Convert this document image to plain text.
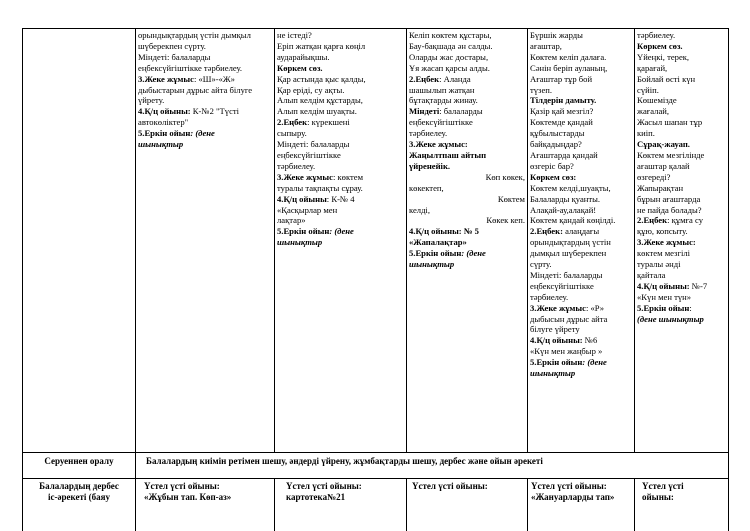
орындықтардың үстін дымқыл
шүберекпен сүрту.
Міндеті: балаларды
еңбексүйгіштікке тәрбиелеу.
3.Жеке жұмыс: «Ш»-«Ж»
дыбыстарын дұрыс айта білуге
үйрету.
4.Қ/ц ойыны: К-№2 "Түсті
автокөліктер"
5.Еркін ойын: (дене
шынықтыр
не істеді?
Еріп жатқан қарға көңіл
аударайықшы.
Көркем сөз.
Қар астында қыс қалды,
Қар еріді, су ақты.
Алып келдім құстарды,
Алып келдім шуақты.
2.Еңбек: күрекшені
сыпыру.
Міндеті: балаларды
еңбексүйгіштікке
тәрбиелеу.
3.Жеке жұмыс: көктем
туралы тақпақты сұрау.
4.Қ/ц ойыны: К-№ 4
«Қасқырлар мен
лақтар»
5.Еркін ойын: (дене
шынықтыр
Келіп көктем құстары,
Бау-бақшада ән салды.
Оларды жас достары,
Ұя жасап қарсы алды.
2.Еңбек: Аланда
шашылып жатқан
бұтақтарды жинау.
Міндеті: балаларды
еңбексүйгіштікке
тәрбиелеу.
3.Жеке жұмыс:
Жаңылтпаш айтып
үйренейік.
Көп көкек,
көкектеп,
Көктем
келді,
Көкек кеп.
4.Қ/ц ойыны: № 5
«Жапалақтар»
5.Еркін ойын: (дене
шынықтыр
Бүршік жарды
ағаштар,
Көктем келіп далаға.
Сәнін беріп ауланың,
Ағаштар тұр бой
түзеп.
Тілдерін дамыту.
Қазір қай мезгіл?
Көктемде қандай
құбылыстарды
байқадыңдар?
Ағаштарда қандай
өзгеріс бар?
Көркем сөз:
Көктем келді,шуақты,
Балаларды қуанты.
Алақай-ау,алақай!
Көктем қандай көңілді.
2.Еңбек: алаңдағы
орындықтардың үстін
дымқыл шүберекпен
сүрту.
Міндеті: балаларды
еңбексүйгіштікке
тәрбиелеу.
3.Жеке жұмыс: «Р»
дыбысын дұрыс айта
білуге үйрету
4.Қ/ц ойыны: №6
«Күн мен жаңбыр »
5.Еркін ойын: (дене
шынықтыр
тәрбиелеу.
Көркем сөз.
Үйеңкі, терек,
қарағай,
Бойлай өсті күн
сүйіп.
Көшемізде
жағалай,
Жасыл шапан тұр
киіп.
Сұрақ-жауап.
Көктем мезгілінде
ағаштар қалай
өзгереді?
Жапырақтан
бұрын ағаштарда
не пайда болады?
2.Еңбек: құмға су
құю, копсыту.
3.Жеке жұмыс:
көктем мезгілі
туралы әнді
қайтала
4.Қ/ц ойыны: №-7
«Күн мен түн»
5.Еркін ойын:
(дене шынықтыр
Серуеннен оралу	Балалардың киімін ретімен шешу, әндерді үйрену, жұмбақтарды шешу, дербес және ойын әрекеті
Балалардың дербес
іс-әрекеті (баяу
Үстел үсті ойыны:
«Жұбын тап. Көп-аз»
Үстел үсті ойыны:
картотека№21
Үстел үсті ойыны:	Үстел үсті ойыны:
«Жануарларды тап»
Үстел үсті
ойыны:
